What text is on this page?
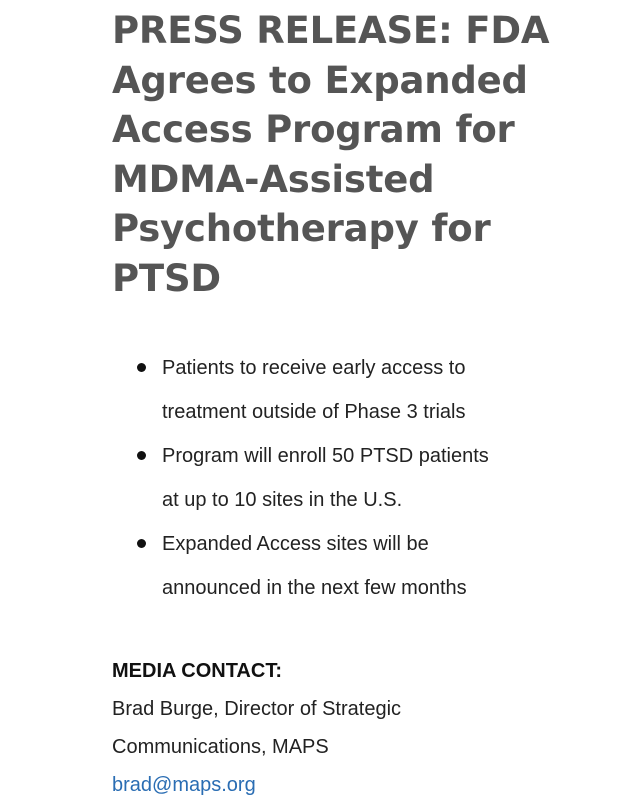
PRESS RELEASE: FDA
Agrees to Expanded
Access Program for
MDMA-Assisted
Psychotherapy for
PTSD
Patients to receive early access to
treatment outside of Phase 3 trials
Program will enroll 50 PTSD patients
at up to 10 sites in the U.S.
Expanded Access sites will be
announced in the next few months
MEDIA CONTACT:
Brad Burge, Director of Strategic
Communications, MAPS
brad@maps.org
